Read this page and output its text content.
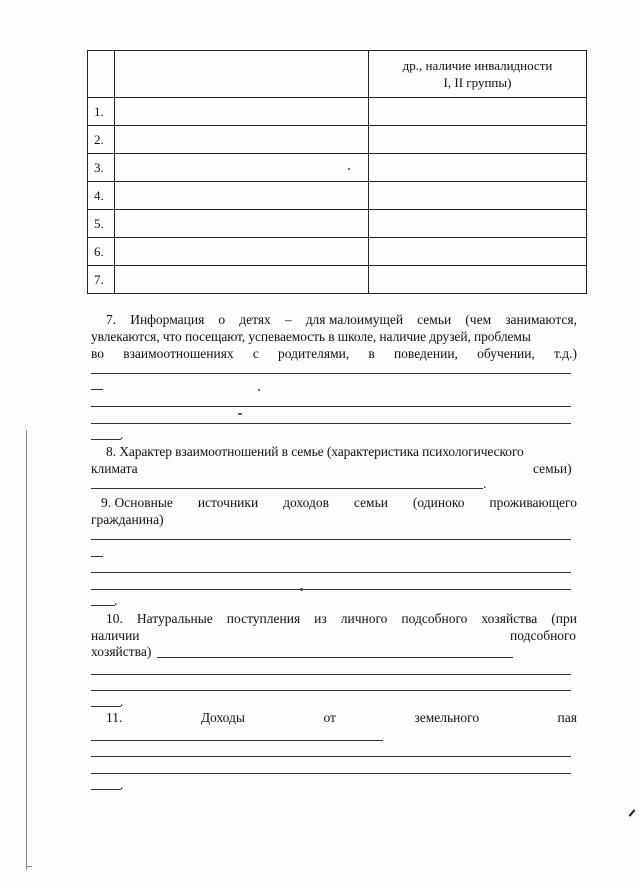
		др., наличие инвалидности
I, II группы)

1.		
2.		
3.	

4.		
5.		
6.		
7.		
7. Информация о детях – для малоимущей семьи (чем занимаются,
увлекаются, что посещают, успеваемость в школе, наличие друзей, проблемы
во взаимоотношениях с родителями, в поведении, обучении, т.д.)
.
8. Характер взаимоотношений в семье (характеристика психологического
климата	семьи)
.
9. Основные источники доходов семьи (одиноко проживающего
гражданина)
.
10. Натуральные поступления из личного подсобного хозяйства (при
наличии	подсобного
хозяйства)
.
11.	Доходы	от	земельного	пая
.
